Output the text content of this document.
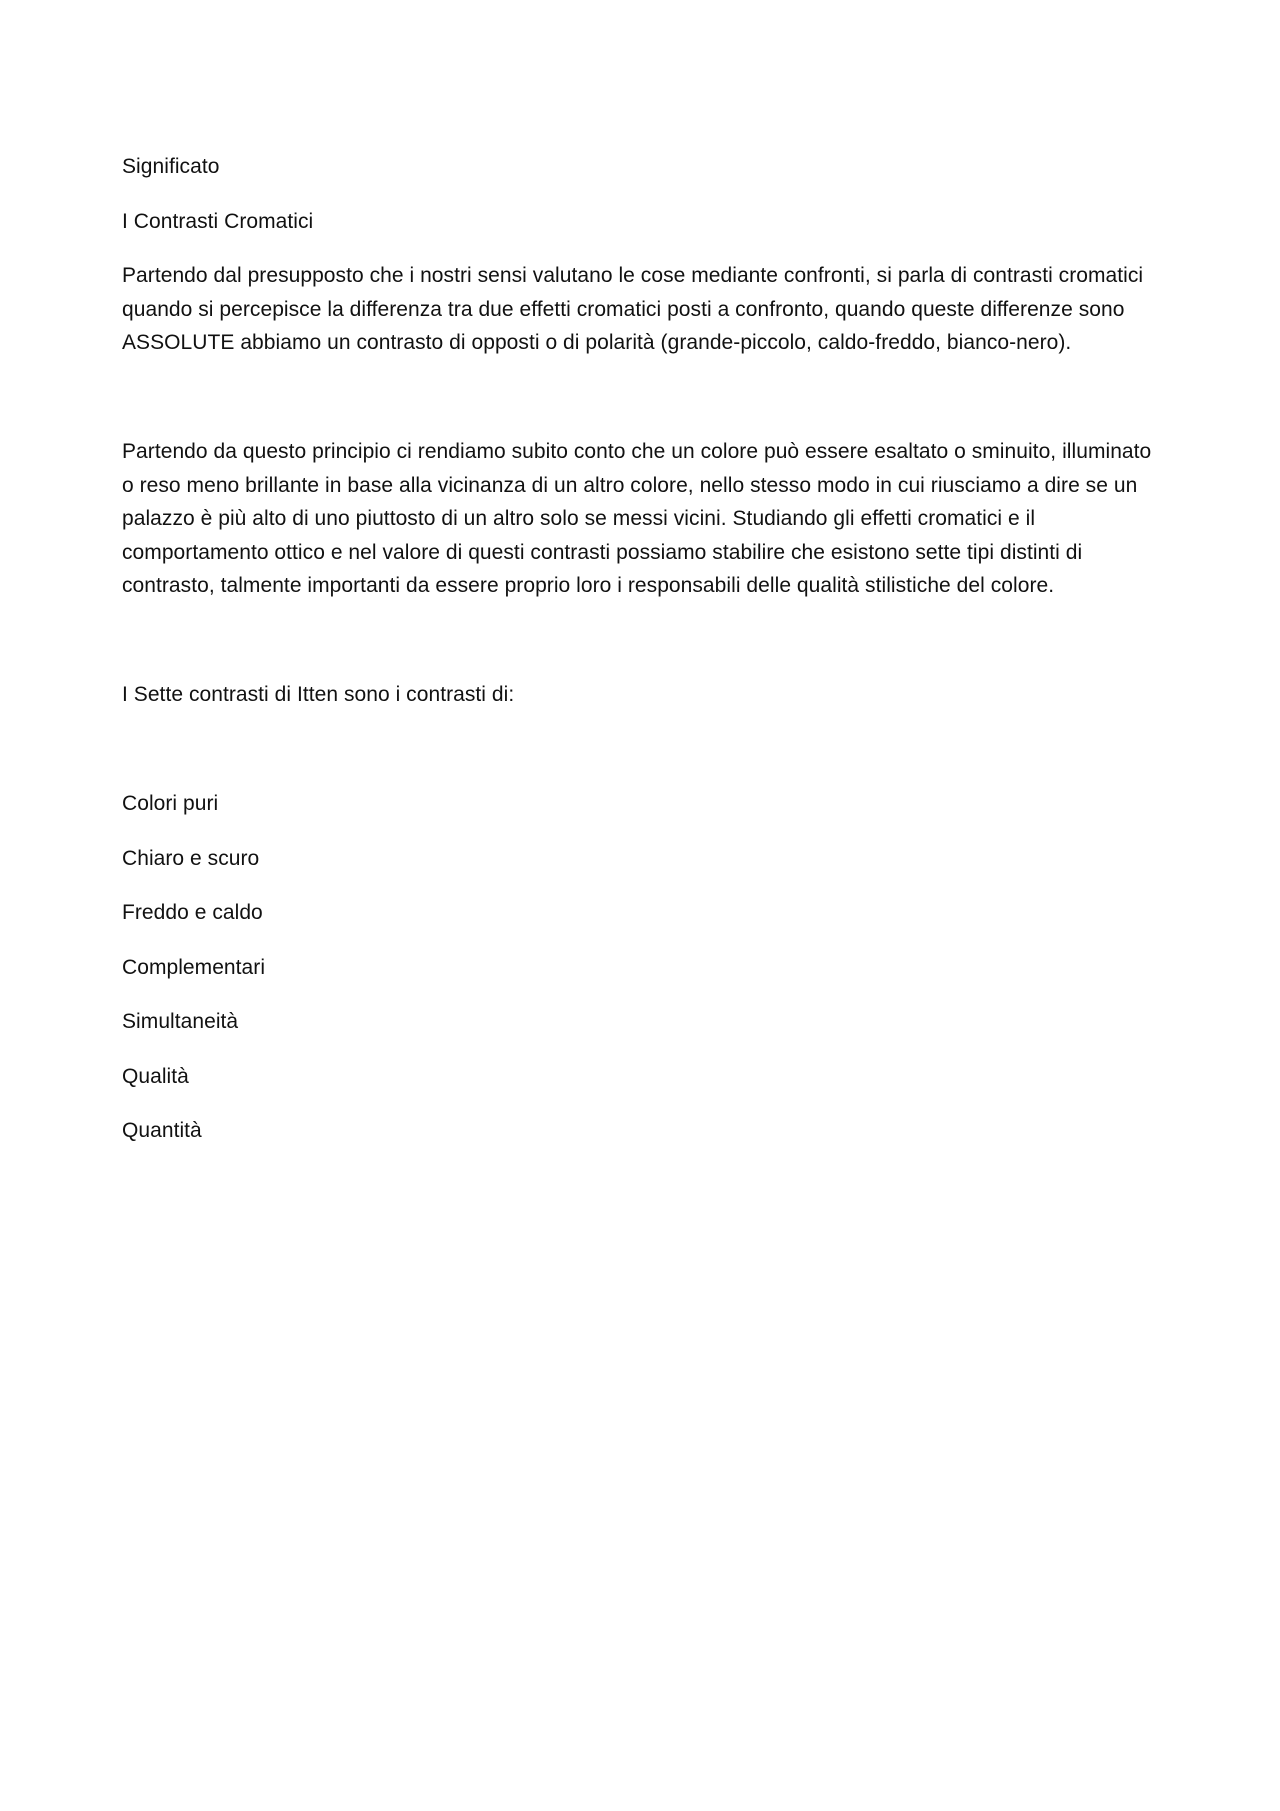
Significato

I Contrasti Cromatici

Partendo dal presupposto che i nostri sensi valutano le cose mediante confronti, si parla di contrasti cromatici quando si percepisce la differenza tra due effetti cromatici posti a confronto, quando queste differenze sono ASSOLUTE abbiamo un contrasto di opposti o di polarità (grande-piccolo, caldo-freddo, bianco-nero).

Partendo da questo principio ci rendiamo subito conto che un colore può essere esaltato o sminuito, illuminato o reso meno brillante in base alla vicinanza di un altro colore, nello stesso modo in cui riusciamo a dire se un palazzo è più alto di uno piuttosto di un altro solo se messi vicini. Studiando gli effetti cromatici e il comportamento ottico e nel valore di questi contrasti possiamo stabilire che esistono sette tipi distinti di contrasto, talmente importanti da essere proprio loro i responsabili delle qualità stilistiche del colore.

I Sette contrasti di Itten sono i contrasti di:

Colori puri

Chiaro e scuro

Freddo e caldo

Complementari

Simultaneità

Qualità

Quantità
